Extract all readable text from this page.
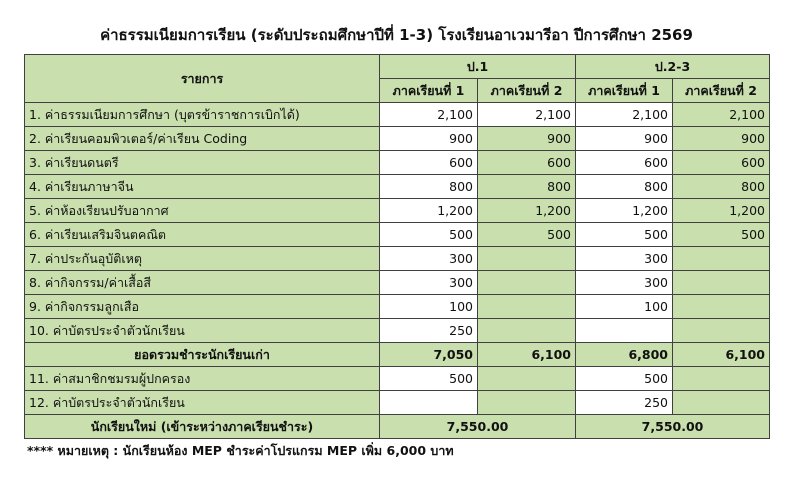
ค่าธรรมเนียมการเรียน (ระดับประถมศึกษาปีที่ 1-3) โรงเรียนอาเวมารีอา ปีการศึกษา 2569
รายการ	ป.1		ป.2-3	
	ภาคเรียนที่ 1	ภาคเรียนที่ 2	ภาคเรียนที่ 1	ภาคเรียนที่ 2
1. ค่าธรรมเนียมการศึกษา (บุตรข้าราชการเบิกได้)	2,100	2,100	2,100	2,100
2. ค่าเรียนคอมพิวเตอร์/ค่าเรียน Coding	900	900	900	900
3. ค่าเรียนดนตรี	600	600	600	600
4. ค่าเรียนภาษาจีน	800	800	800	800
5. ค่าห้องเรียนปรับอากาศ	1,200	1,200	1,200	1,200
6. ค่าเรียนเสริมจินตคณิต	500	500	500	500
7. ค่าประกันอุบัติเหตุ	300		300	
8. ค่ากิจกรรม/ค่าเสื้อสี	300		300	
9. ค่ากิจกรรมลูกเสือ	100		100	
10. ค่าบัตรประจำตัวนักเรียน	250			
ยอดรวมชำระนักเรียนเก่า	7,050	6,100	6,800	6,100
11. ค่าสมาชิกชมรมผู้ปกครอง	500		500	
12. ค่าบัตรประจำตัวนักเรียน			250	
นักเรียนใหม่ (เข้าระหว่างภาคเรียนชำระ)	7,550.00		7,550.00	
**** หมายเหตุ : นักเรียนห้อง MEP ชำระค่าโปรแกรม MEP เพิ่ม 6,000 บาท
